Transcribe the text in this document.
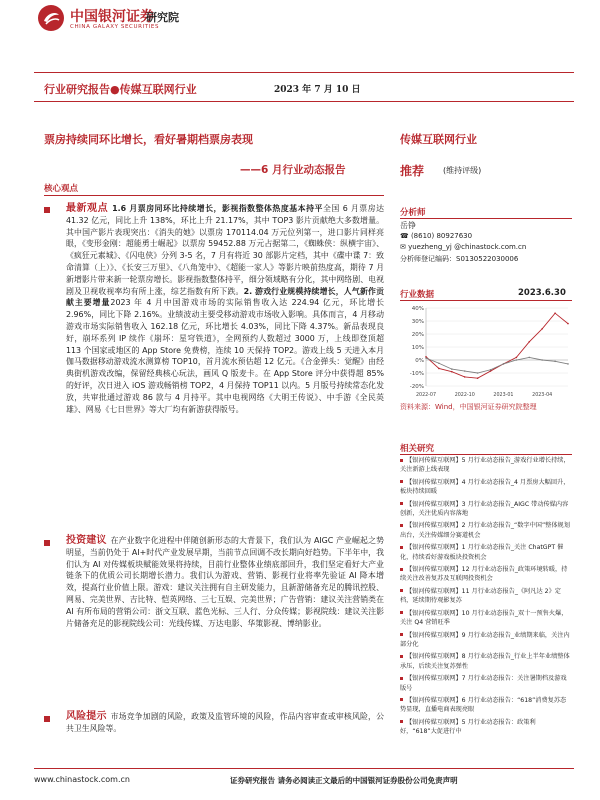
中国银河证券
研究院
CHINA GALAXY SECURITIES
行业研究报告●传媒互联网行业	2023 年 7 月 10 日
票房持续同环比增长，看好暑期档票房表现
——6 月行业动态报告
传媒互联网行业
推荐 (维持评级)
核心观点
最新观点 1.6 月票房同环比持续增长，影视指数整体热度基本持平全国 6 月票房达 41.32 亿元，同比上升 138%，环比上升 21.17%，其中 TOP3 影片贡献绝大多数增量。其中国产影片表现突出：《消失的她》以票房 170114.04 万元位列第一，进口影片同样亮眼，《变形金刚：超能勇士崛起》以票房 59452.88 万元占据第二，《蜘蛛侠：纵横宇宙》、《疯狂元素城》、《闪电侠》分列 3-5 名，7 月有将近 30 部影片定档，其中《碟中谍 7：致命清算（上）》、《长安三万里》、《八角笼中》、《超能一家人》等影片映前热度高，期待 7 月新增影片带来新一轮票房增长。影视指数整体持平，细分领域略有分化，其中网络剧、电视剧及卫视收视率均有所上涨，综艺指数有所下跌。2. 游戏行业规模持续增长，人气新作贡献主要增量2023 年 4 月中国游戏市场的实际销售收入达 224.94 亿元，环比增长 2.96%，同比下降 2.16%。业绩波动主要受移动游戏市场收入影响。具体而言，4 月移动游戏市场实际销售收入 162.18 亿元，环比增长 4.03%，同比下降 4.37%。新品表现良好，崩坏系列 IP 续作《崩坏：星穹铁道》，全网预约人数超过 3000 万，上线即登顶超 113 个国家或地区的 App Store 免费榜，连续 10 天保持 TOP2。游戏上线 5 天进入本月伽马数据移动游戏流水测算榜 TOP10，首月流水预估超 12 亿元。《合金弹头：觉醒》由经典街机游戏改编，保留经典核心玩法，画风 Q 版麦卡。在 App Store 评分中获得超 85% 的好评，次日进入 iOS 游戏畅销榜 TOP2，4 月保持 TOP11 以内。5 月版号持续常态化发放，共审批通过游戏 86 款与 4 月持平。其中电视网络《大明王传说》、中手游《全民英雄》、网易《七日世界》等大厂均有新游获得版号。
投资建议 在产业数字化进程中伴随创新形态的大背景下，我们认为 AIGC 产业崛起之势明显，当前仍处于 AI+时代产业发展早期，当前节点回调不改长期向好趋势。下半年中，我们认为 AI 对传媒板块赋能效果将持续，目前行业整体业绩底部回升，我们坚定看好大产业链条下的优质公司长期增长潜力。我们认为游戏、营销、影视行业将率先验证 AI 降本增效，提高行业价值上限。游戏：建议关注拥有自主研发能力，且新游储备充足的腾讯控股、网易、完美世界、吉比特、恺英网络、三七互娱、完美世界；广告营销：建议关注营销类在 AI 有所布局的营销公司：浙文互联、蓝色光标、三人行、分众传媒；影视院线：建议关注影片储备充足的影视院线公司：光线传媒、万达电影、华策影视、博纳影业。
风险提示 市场竞争加剧的风险，政策及监管环境的风险，作品内容审查或审核风险，公共卫生风险等。
分析师
岳铮
☎ (8610) 80927630
✉ yuezheng_yj @chinastock.com.cn
分析师登记编码：S0130522030006
行业数据	2023.6.30
-20%
-10%
0%
10%
20%
30%
40%
2022-07	2022-10	2023-01	2023-04
资料来源：Wind，中国银河证券研究院整理
相关研究
【银河传媒互联网】5 月行业动态报告_游戏行业增长持续，关注新游上线表现
【银河传媒互联网】4 月行业动态报告_4 月票房大幅回升，板块持续回暖
【银河传媒互联网】3 月行业动态报告_AIGC 带动传媒内容创新，关注优质内容落地
【银河传媒互联网】2 月行业动态报告_“数字中国”整体规划出台，关注传媒细分赛道机会
【银河传媒互联网】1 月行业动态报告_关注 ChatGPT 催化，持续看好游戏板块投资机会
【银河传媒互联网】12 月行业动态报告_政策环境转暖，持续关注改善复苏及互联网投资机会
【银河传媒互联网】11 月行业动态报告_《阿凡达 2》定档，延续期待观影复苏
【银河传媒互联网】10 月行业动态报告_双十一预售火爆，关注 Q4 营销旺季
【银河传媒互联网】9 月行业动态报告_业绩期来临，关注内部分化
【银河传媒互联网】8 月行业动态报告_行业上半年业绩整体承压，后续关注复苏弹性
【银河传媒互联网】7 月行业动态报告：关注暑期档及游戏版号
【银河传媒互联网】6 月行业动态报告：“618”消费复苏态势显现，直播电商表现亮眼
【银河传媒互联网】5 月行业动态报告：政策利好，“618”大促进行中
www.chinastock.com.cn	证券研究报告 请务必阅读正文最后的中国银河证券股份公司免责声明
